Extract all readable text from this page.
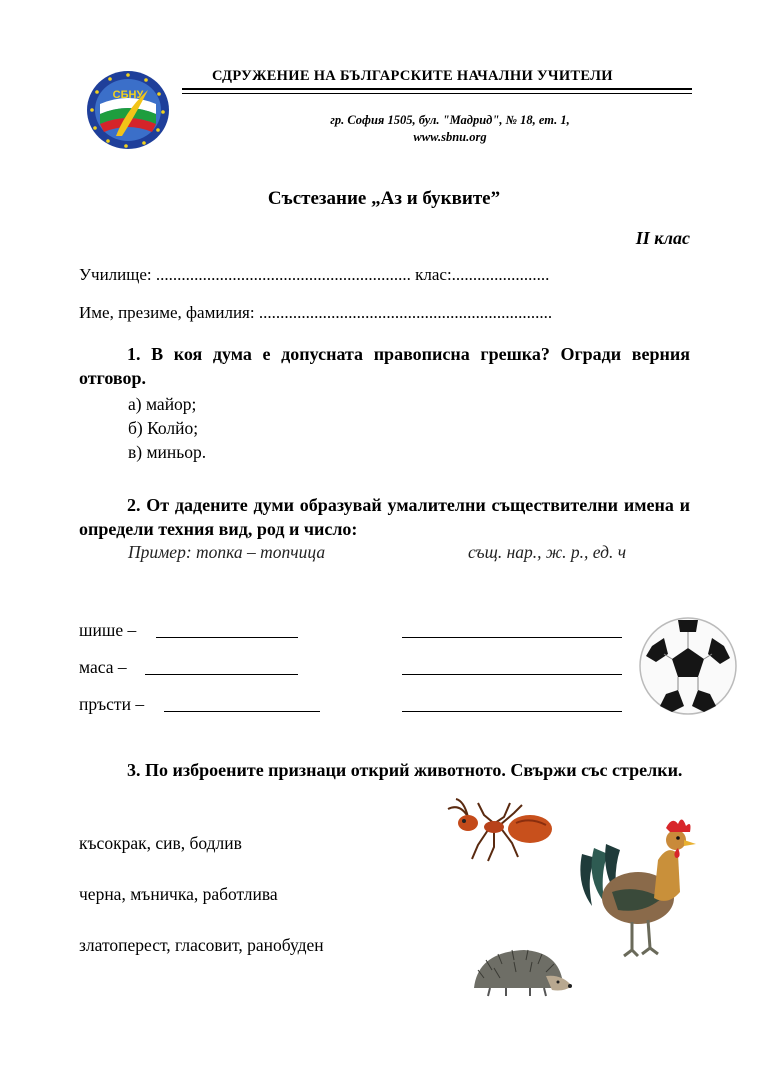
СБНУ
СДРУЖЕНИЕ НА БЪЛГАРСКИТЕ НАЧАЛНИ УЧИТЕЛИ
гр. София 1505, бул. "Мадрид", № 18, ет. 1,
www.sbnu.org
Състезание „Аз и буквите”
II клас
Училище: ............................................................ клас:.......................
Име, презиме, фамилия: .....................................................................
1. В коя дума е допусната правописна грешка? Огради верния отговор.
а) майор;
б) Колйо;
в) миньор.
2. От дадените думи образувай умалителни съществителни имена и определи техния вид, род и число:
Пример: топка – топчица	същ. нар., ж. р., ед. ч
шише –
маса –
пръсти –
3. По изброените признаци открий животното. Свържи със стрелки.
късокрак, сив, бодлив
черна, мъничка, работлива
златоперест, гласовит, ранобуден
